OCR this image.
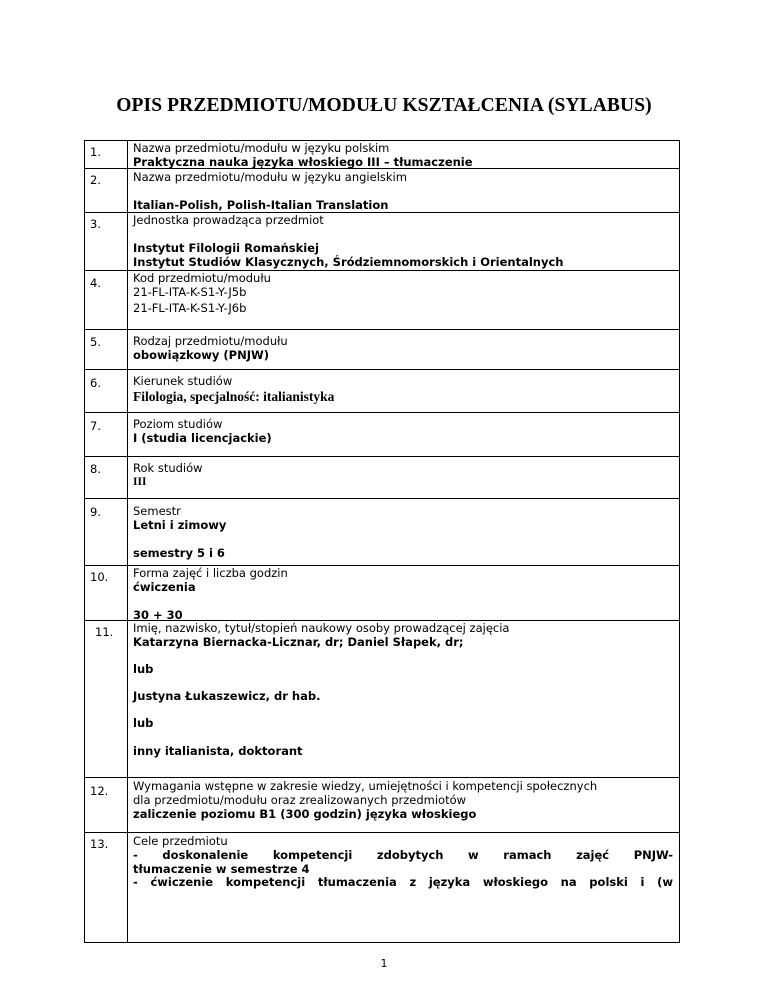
OPIS PRZEDMIOTU/MODUŁU KSZTAŁCENIA (SYLABUS)
1.	Nazwa przedmiotu/modułu w języku polskim
Praktyczna nauka języka włoskiego III – tłumaczenie
2.	Nazwa przedmiotu/modułu w języku angielskim
Italian-Polish, Polish-Italian Translation
3.	Jednostka prowadząca przedmiot
Instytut Filologii Romańskiej
Instytut Studiów Klasycznych, Śródziemnomorskich i Orientalnych
4.	Kod przedmiotu/modułu
21-FL-ITA-K-S1-Y-J5b
21-FL-ITA-K-S1-Y-J6b
5.	Rodzaj przedmiotu/modułu
obowiązkowy (PNJW)
6.	Kierunek studiów
Filologia, specjalność: italianistyka
7.	Poziom studiów
I (studia licencjackie)
8.	Rok studiów
III
9.	Semestr
Letni i zimowy
semestry 5 i 6
10.	Forma zajęć i liczba godzin
ćwiczenia
30 + 30
11.	Imię, nazwisko, tytuł/stopień naukowy osoby prowadzącej zajęcia
Katarzyna Biernacka-Licznar, dr; Daniel Słapek, dr;
lub
Justyna Łukaszewicz, dr hab.
lub
inny italianista, doktorant
12.	Wymagania wstępne w zakresie wiedzy, umiejętności i kompetencji społecznych
dla przedmiotu/modułu oraz zrealizowanych przedmiotów
zaliczenie poziomu B1 (300 godzin) języka włoskiego
13.	Cele przedmiotu
- doskonalenie kompetencji zdobytych w ramach zajęć PNJW-
tłumaczenie w semestrze 4
- ćwiczenie kompetencji tłumaczenia z języka włoskiego na polski i (w
1
